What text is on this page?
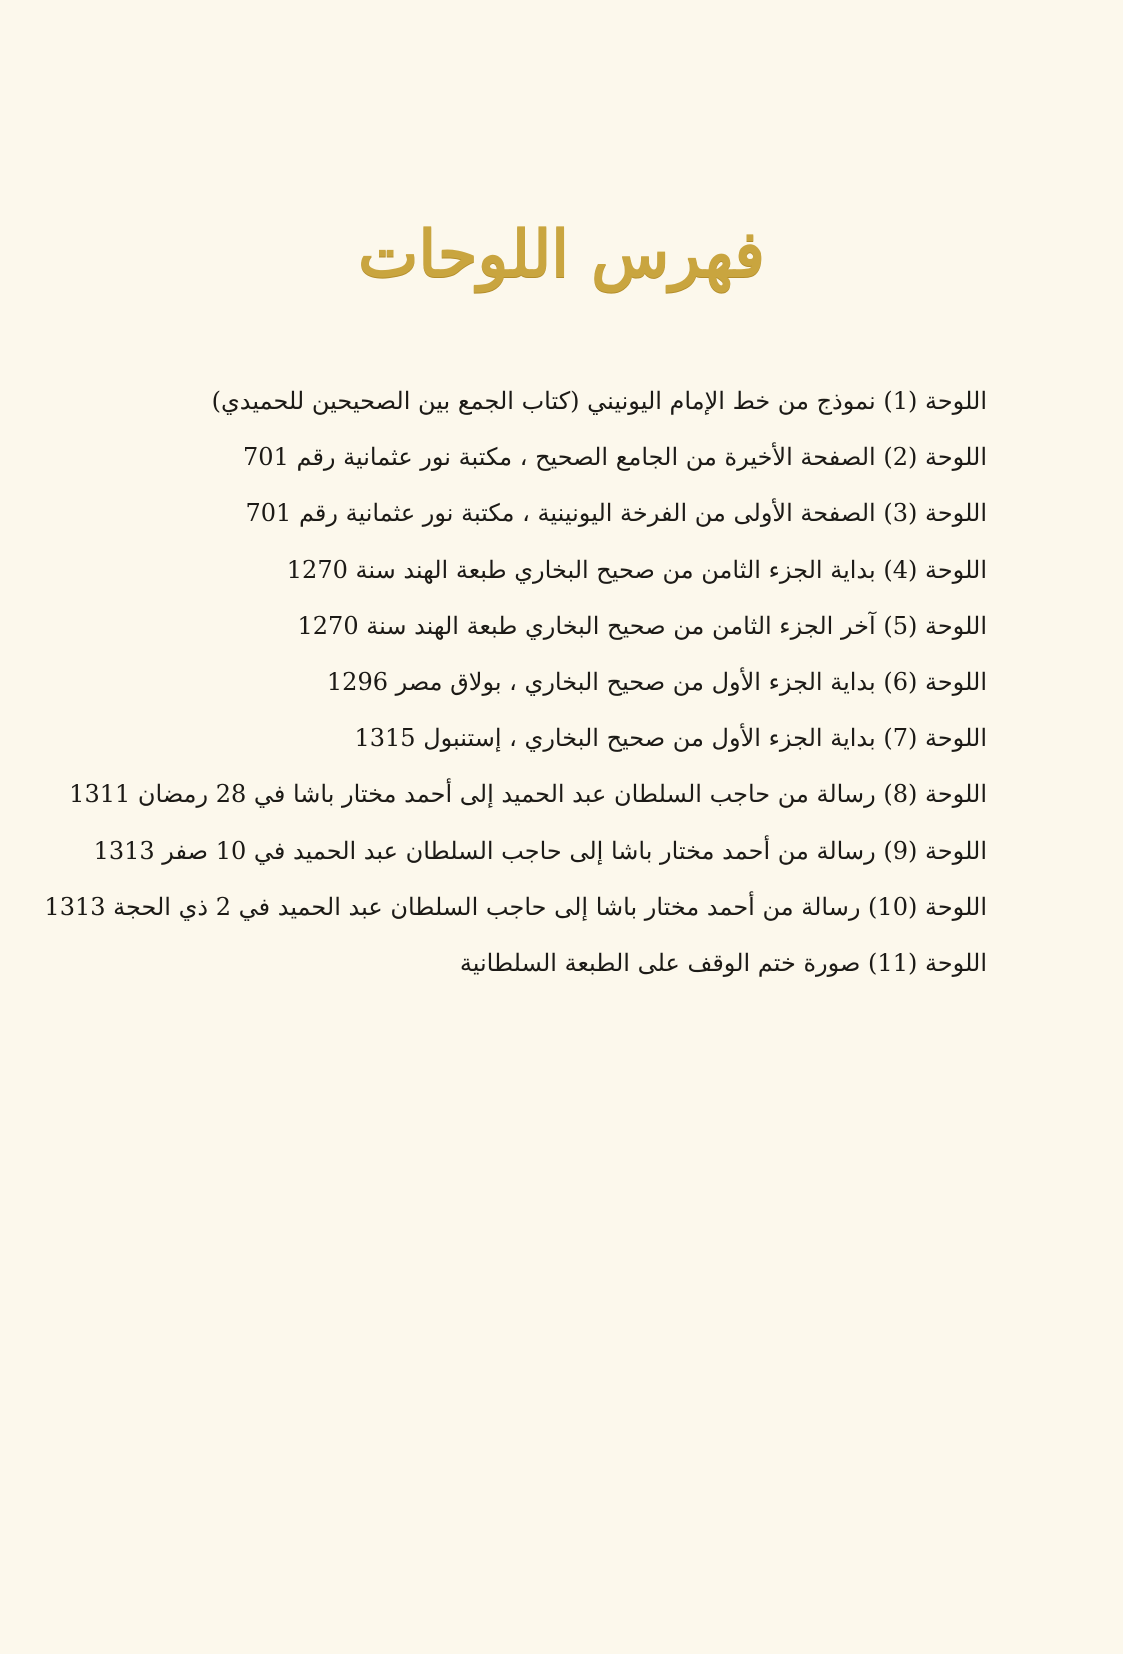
فهرس اللوحات
اللوحة (1) نموذج من خط الإمام اليونيني (كتاب الجمع بين الصحيحين للحميدي)
اللوحة (2) الصفحة الأخيرة من الجامع الصحيح ، مكتبة نور عثمانية رقم 701
اللوحة (3) الصفحة الأولى من الفرخة اليونينية ، مكتبة نور عثمانية رقم 701
اللوحة (4) بداية الجزء الثامن من صحيح البخاري طبعة الهند سنة 1270
اللوحة (5) آخر الجزء الثامن من صحيح البخاري طبعة الهند سنة 1270
اللوحة (6) بداية الجزء الأول من صحيح البخاري ، بولاق مصر 1296
اللوحة (7) بداية الجزء الأول من صحيح البخاري ، إستنبول 1315
اللوحة (8) رسالة من حاجب السلطان عبد الحميد إلى أحمد مختار باشا في 28 رمضان 1311
اللوحة (9) رسالة من أحمد مختار باشا إلى حاجب السلطان عبد الحميد في 10 صفر 1313
اللوحة (10) رسالة من أحمد مختار باشا إلى حاجب السلطان عبد الحميد في 2 ذي الحجة 1313
اللوحة (11) صورة ختم الوقف على الطبعة السلطانية
